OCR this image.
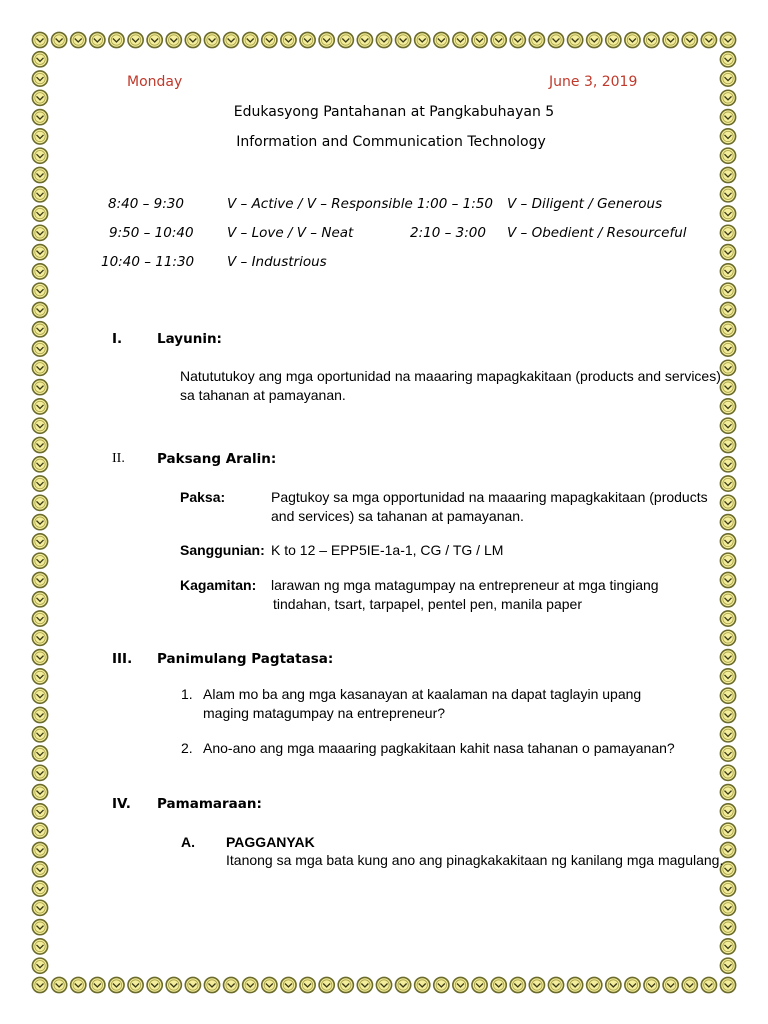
Monday	June 3, 2019
Edukasyong Pantahanan at Pangkabuhayan 5
Information and Communication Technology
8:40 – 9:30	V – Active / V – Responsible 1:00 – 1:50 V – Diligent / Generous
9:50 – 10:40 V – Love / V – Neat	2:10 – 3:00 V – Obedient / Resourceful
10:40 – 11:30 V – Industrious
I.	Layunin:
Natututukoy ang mga oportunidad na maaaring mapagkakitaan (products and services)
sa tahanan at pamayanan.
II. Paksang Aralin:
Paksa:	Pagtukoy sa mga opportunidad na maaaring mapagkakitaan (products
and services) sa tahanan at pamayanan.
Sanggunian: K to 12 – EPP5IE-1a-1, CG / TG / LM
Kagamitan: larawan ng mga matagumpay na entrepreneur at mga tingiang
tindahan, tsart, tarpapel, pentel pen, manila paper
III. Panimulang Pagtatasa:
1. Alam mo ba ang mga kasanayan at kaalaman na dapat taglayin upang
maging matagumpay na entrepreneur?
2. Ano-ano ang mga maaaring pagkakitaan kahit nasa tahanan o pamayanan?
IV. Pamamaraan:
A. PAGGANYAK
Itanong sa mga bata kung ano ang pinagkakakitaan ng kanilang mga magulang.
